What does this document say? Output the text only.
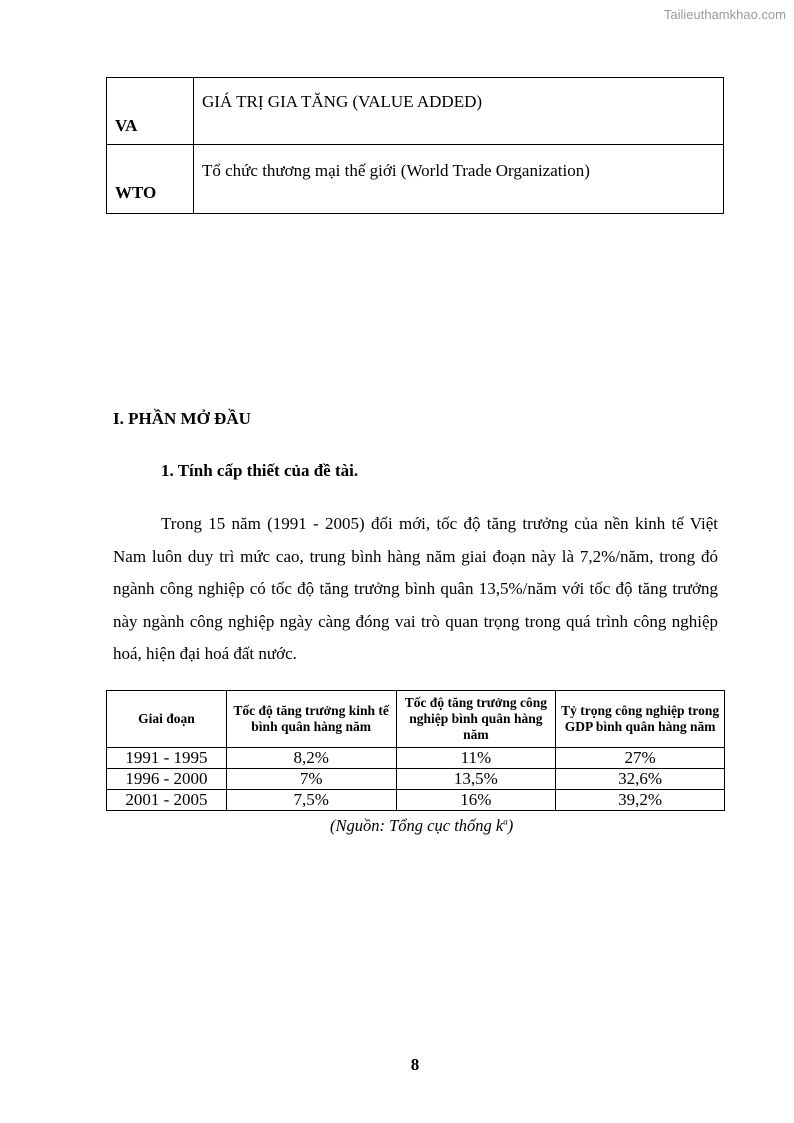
Tailieuthamkhao.com
VA	GIÁ TRỊ GIA TĂNG (VALUE ADDED)
WTO	Tổ chức thương mại thế giới (World Trade Organization)
I. PHẦN MỞ ĐẦU
1. Tính cấp thiết của đề tài.

Trong 15 năm (1991 - 2005) đổi mới, tốc độ tăng trưởng của nền kinh tế Việt Nam luôn duy trì mức cao, trung bình hàng năm giai đoạn này là 7,2%/năm, trong đó ngành công nghiệp có tốc độ tăng trưởng bình quân 13,5%/năm với tốc độ tăng trưởng này ngành công nghiệp ngày càng đóng vai trò quan trọng trong quá trình công nghiệp hoá, hiện đại hoá đất nước.

Giai đoạn	Tốc độ tăng trưởng kinh tế bình quân hàng năm	Tốc độ tăng trưởng công nghiệp bình quân hàng năm	Tỷ trọng công nghiệp trong GDP bình quân hàng năm
1991 - 1995	8,2%	11%	27%
1996 - 2000	7%	13,5%	32,6%
2001 - 2005	7,5%	16%	39,2%
(Nguồn: Tổng cục thống $k^a$)
8
